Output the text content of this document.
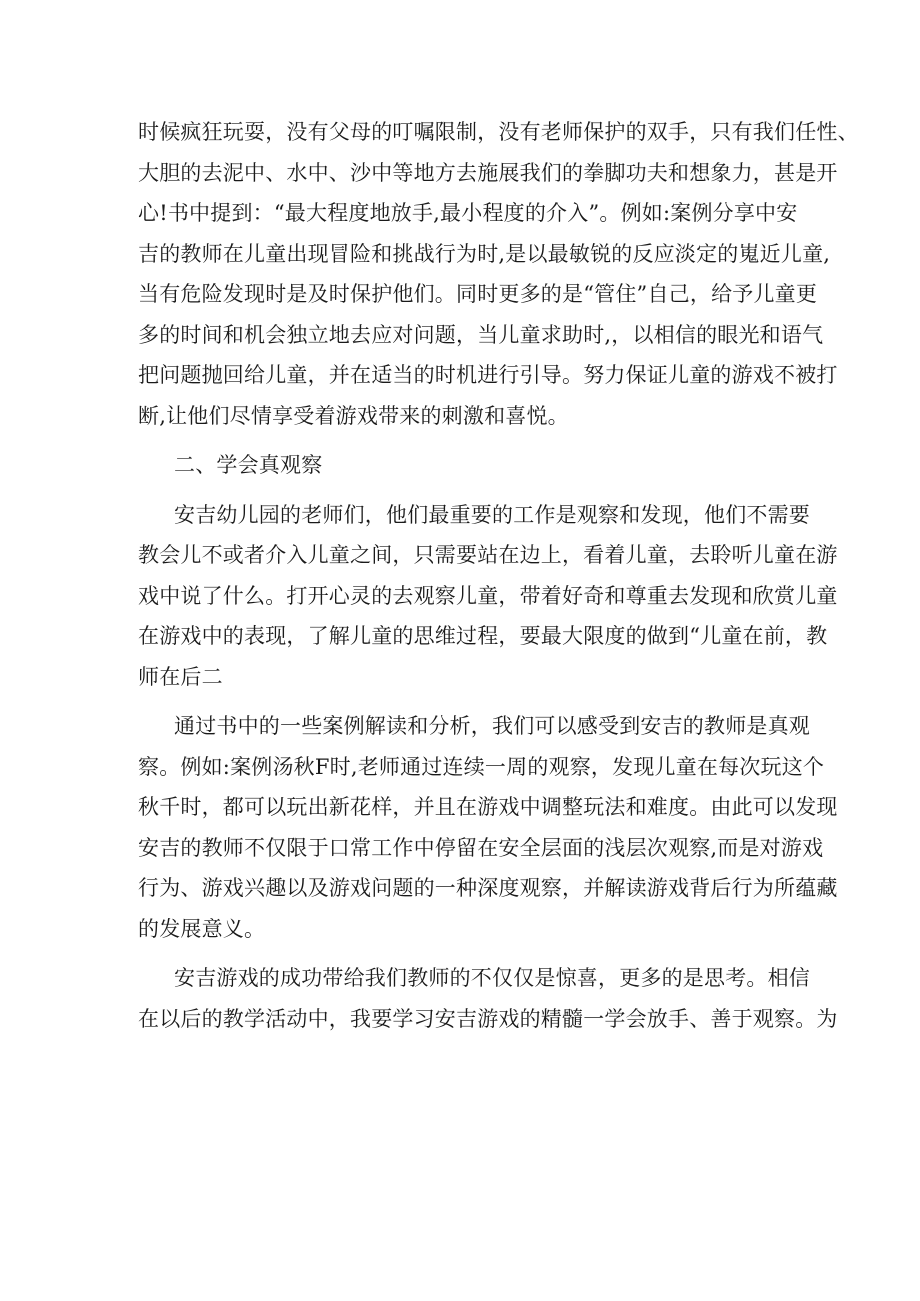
时候疯狂玩耍，没有父母的叮嘱限制，没有老师保护的双手，只有我们任性、
大胆的去泥中、水中、沙中等地方去施展我们的拳脚功夫和想象力，甚是开
心!书中提到：“最大程度地放手,最小程度的介入”。例如:案例分享中安
吉的教师在儿童出现冒险和挑战行为时,是以最敏锐的反应淡定的嵬近儿童,
当有危险发现时是及时保护他们。同时更多的是“管住”自己，给予儿童更
多的时间和机会独立地去应对问题，当儿童求助时,，以相信的眼光和语气
把问题抛回给儿童，并在适当的时机进行引导。努力保证儿童的游戏不被打
断,让他们尽情享受着游戏带来的刺激和喜悦。
二、学会真观察
安吉幼儿园的老师们，他们最重要的工作是观察和发现，他们不需要
教会儿不或者介入儿童之间，只需要站在边上，看着儿童，去聆听儿童在游
戏中说了什么。打开心灵的去观察儿童，带着好奇和尊重去发现和欣赏儿童
在游戏中的表现，了解儿童的思维过程，要最大限度的做到“儿童在前，教
师在后二
通过书中的一些案例解读和分析，我们可以感受到安吉的教师是真观
察。例如:案例汤秋F时,老师通过连续一周的观察，发现儿童在每次玩这个
秋千时，都可以玩出新花样，并且在游戏中调整玩法和难度。由此可以发现
安吉的教师不仅限于口常工作中停留在安全层面的浅层次观察,而是对游戏
行为、游戏兴趣以及游戏问题的一种深度观察，并解读游戏背后行为所蕴藏
的发展意义。
安吉游戏的成功带给我们教师的不仅仅是惊喜，更多的是思考。相信
在以后的教学活动中，我要学习安吉游戏的精髓一学会放手、善于观察。为
